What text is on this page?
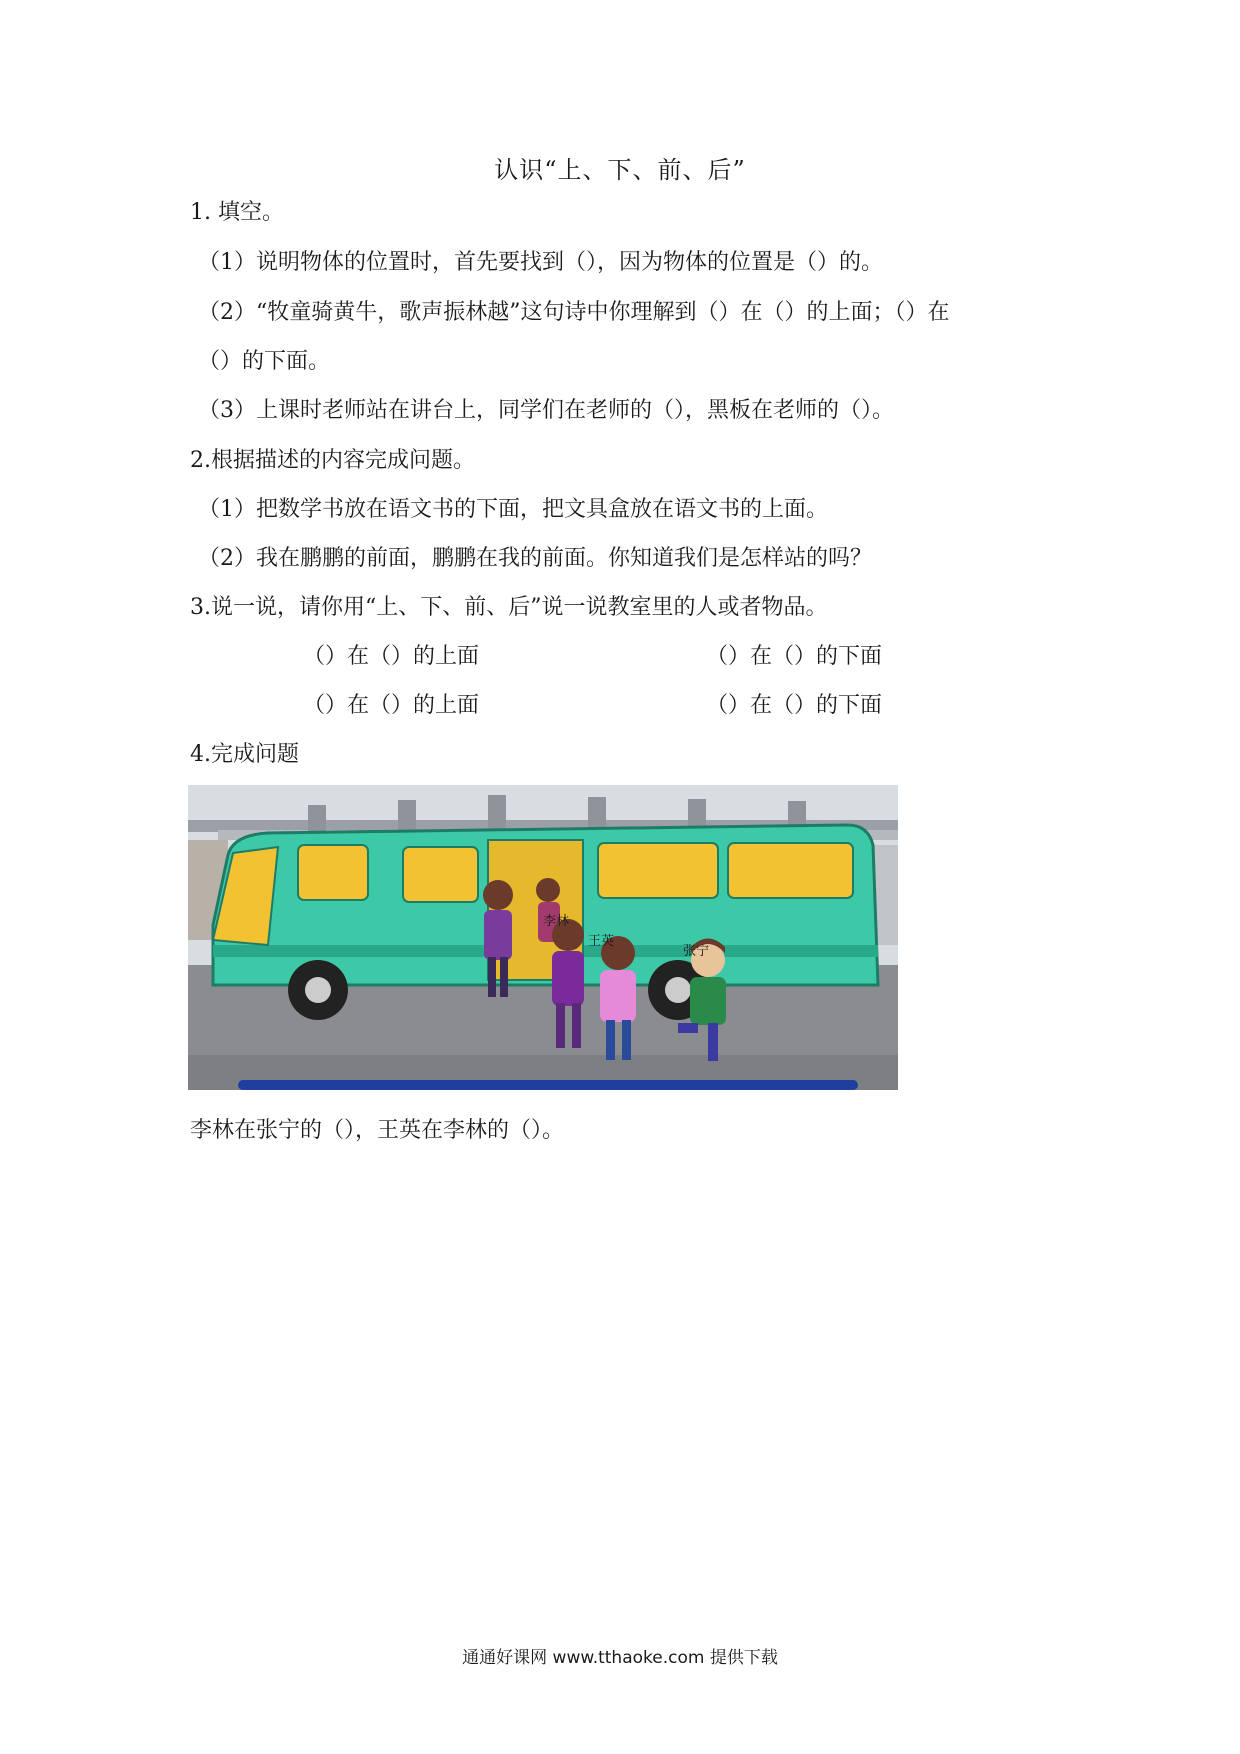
认识“上、下、前、后”
1. 填空。
（1）说明物体的位置时，首先要找到（），因为物体的位置是（）的。
（2）“牧童骑黄牛，歌声振林越”这句诗中你理解到（）在（）的上面；（）在
（）的下面。
（3）上课时老师站在讲台上，同学们在老师的（），黑板在老师的（）。
2.根据描述的内容完成问题。
（1）把数学书放在语文书的下面，把文具盒放在语文书的上面。
（2）我在鹏鹏的前面，鹏鹏在我的前面。你知道我们是怎样站的吗？
3.说一说，请你用“上、下、前、后”说一说教室里的人或者物品。
（）在（）的上面	（）在（）的下面
（）在（）的上面	（）在（）的下面
4.完成问题
李林
王英
张宁
李林在张宁的（），王英在李林的（）。
通通好课网 www.tthaoke.com 提供下载
